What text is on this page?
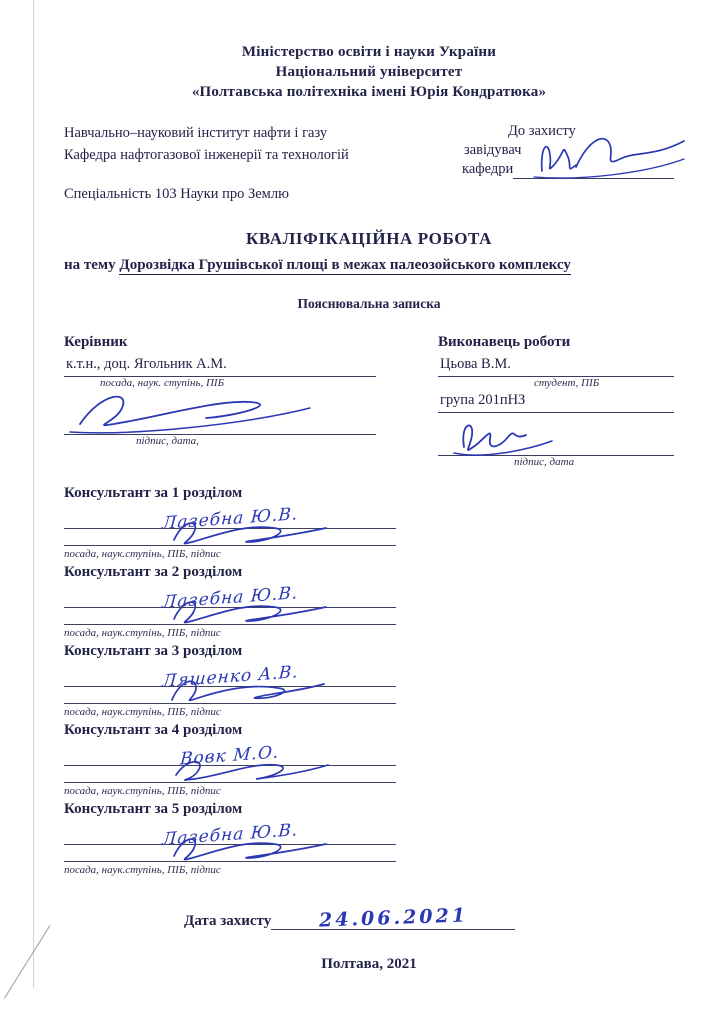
Міністерство освіти і науки України
Національний університет
«Полтавська політехніка імені Юрія Кондратюка»
Навчально–науковий інститут нафти і газу
Кафедра нафтогазової інженерії та технологій
До захисту
завідувач
кафедри
Спеціальність 103 Науки про Землю
КВАЛІФІКАЦІЙНА РОБОТА
на тему Дорозвідка Грушівської площі в межах палеозойського комплексу
Пояснювальна записка
Керівник
к.т.н., доц. Ягольник А.М.
посада, наук. ступінь, ПІБ
підпис, дата,
Виконавець роботи
Цьова В.М.
студент, ПІБ
група 201пНЗ
підпис, дата
Консультант за 1 розділом
Лазебна Ю.В.
посада, наук.ступінь, ПІБ, підпис
Консультант за 2 розділом
Лазебна Ю.В.
посада, наук.ступінь, ПІБ, підпис
Консультант за 3 розділом
Ляшенко А.В.
посада, наук.ступінь, ПІБ, підпис
Консультант за 4 розділом
Вовк М.О.
посада, наук.ступінь, ПІБ, підпис
Консультант за 5 розділом
Лазебна Ю.В.
посада, наук.ступінь, ПІБ, підпис
Дата захисту	24.06.2021
Полтава, 2021
